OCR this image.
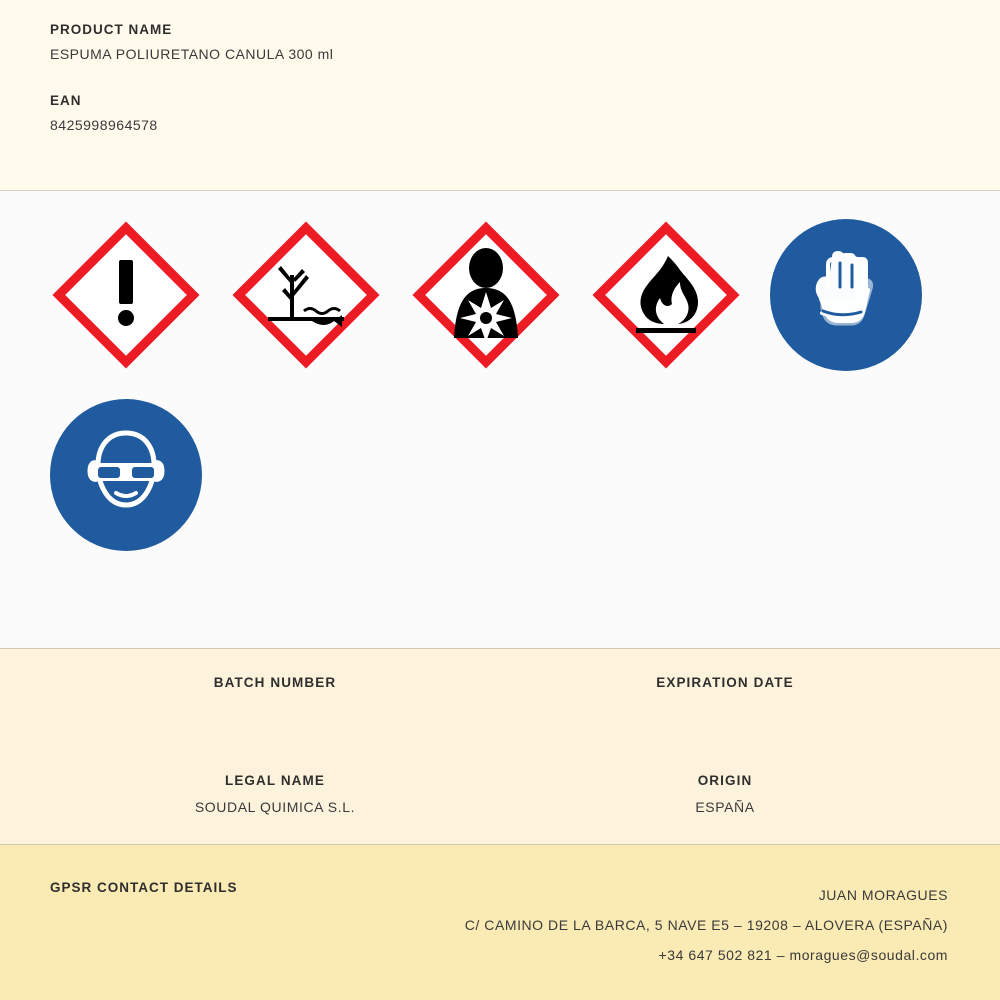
PRODUCT NAME

ESPUMA POLIURETANO CANULA 300 ml

EAN

8425998964578

BATCH NUMBER	EXPIRATION DATE
LEGAL NAME
SOUDAL QUIMICA S.L.
ORIGIN
ESPAÑA
GPSR CONTACT DETAILS	JUAN MORAGUES
C/ CAMINO DE LA BARCA, 5 NAVE E5 – 19208 – ALOVERA (ESPAÑA)
+34 647 502 821 – moragues@soudal.com
